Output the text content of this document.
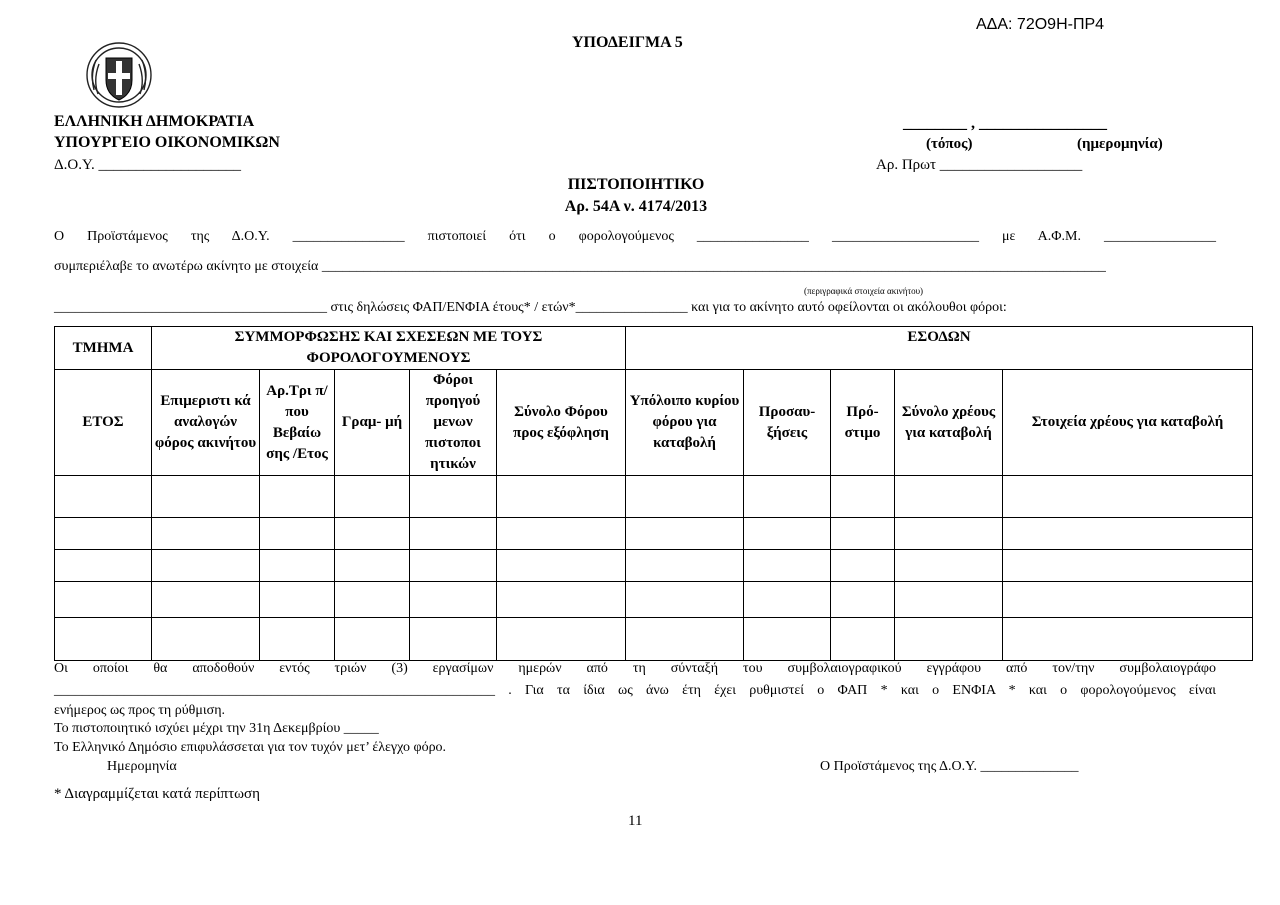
ΑΔΑ: 72Ο9Η-ΠΡ4
ΥΠΟΔΕΙΓΜΑ 5
ΕΛΛΗΝΙΚΗ ΔΗΜΟΚΡΑΤΙΑ
ΥΠΟΥΡΓΕΙΟ ΟΙΚΟΝΟΜΙΚΩΝ
Δ.Ο.Υ. ___________________
________ , ________________
(τόπος)	(ημερομηνία)
Αρ. Πρωτ ___________________
ΠΙΣΤΟΠΟΙΗΤΙΚΟ
Αρ. 54Α ν. 4174/2013
Ο Προϊστάμενος της Δ.Ο.Υ. ________________ πιστοποιεί ότι ο φορολογούμενος ________________ _____________________ με Α.Φ.Μ. ________________
συμπεριέλαβε το ανωτέρω ακίνητο με στοιχεία ________________________________________________________________________________________________________________
(περιγραφικά στοιχεία ακινήτου)
_______________________________________ στις δηλώσεις ΦΑΠ/ΕΝΦΙΑ έτους* / ετών*________________ και για το ακίνητο αυτό οφείλονται οι ακόλουθοι φόροι:
ΤΜΗΜΑ	ΣΥΜΜΟΡΦΩΣΗΣ ΚΑΙ ΣΧΕΣΕΩΝ ΜΕ ΤΟΥΣ ΦΟΡΟΛΟΓΟΥΜΕΝΟΥΣ					ΕΣΟΔΩΝ				
ΕΤΟΣ	Επιμεριστι κά αναλογών φόρος ακινήτου	Αρ.Τρι π/που Βεβαίω σης /Ετος	Γραμ- μή	Φόροι προηγού μενων πιστοποι ητικών	Σύνολο Φόρου προς εξόφληση	Υπόλοιπο κυρίου φόρου για καταβολή	Προσαυ- ξήσεις	Πρό- στιμο	Σύνολο χρέους για καταβολή	Στοιχεία χρέους για καταβολή

Οι οποίοι θα αποδοθούν εντός τριών (3) εργασίμων ημερών από τη σύνταξή του συμβολαιογραφικού εγγράφου από τον/την συμβολαιογράφο
_______________________________________________________________ . Για τα ίδια ως άνω έτη έχει ρυθμιστεί ο ΦΑΠ * και ο ΕΝΦΙΑ * και ο φορολογούμενος είναι
ενήμερος ως προς τη ρύθμιση.
Το πιστοποιητικό ισχύει μέχρι την 31η Δεκεμβρίου _____
Το Ελληνικό Δημόσιο επιφυλάσσεται για τον τυχόν μετ’ έλεγχο φόρο.
Ημερομηνία	Ο Προϊστάμενος της Δ.Ο.Υ. ______________
* Διαγραμμίζεται κατά περίπτωση
11
